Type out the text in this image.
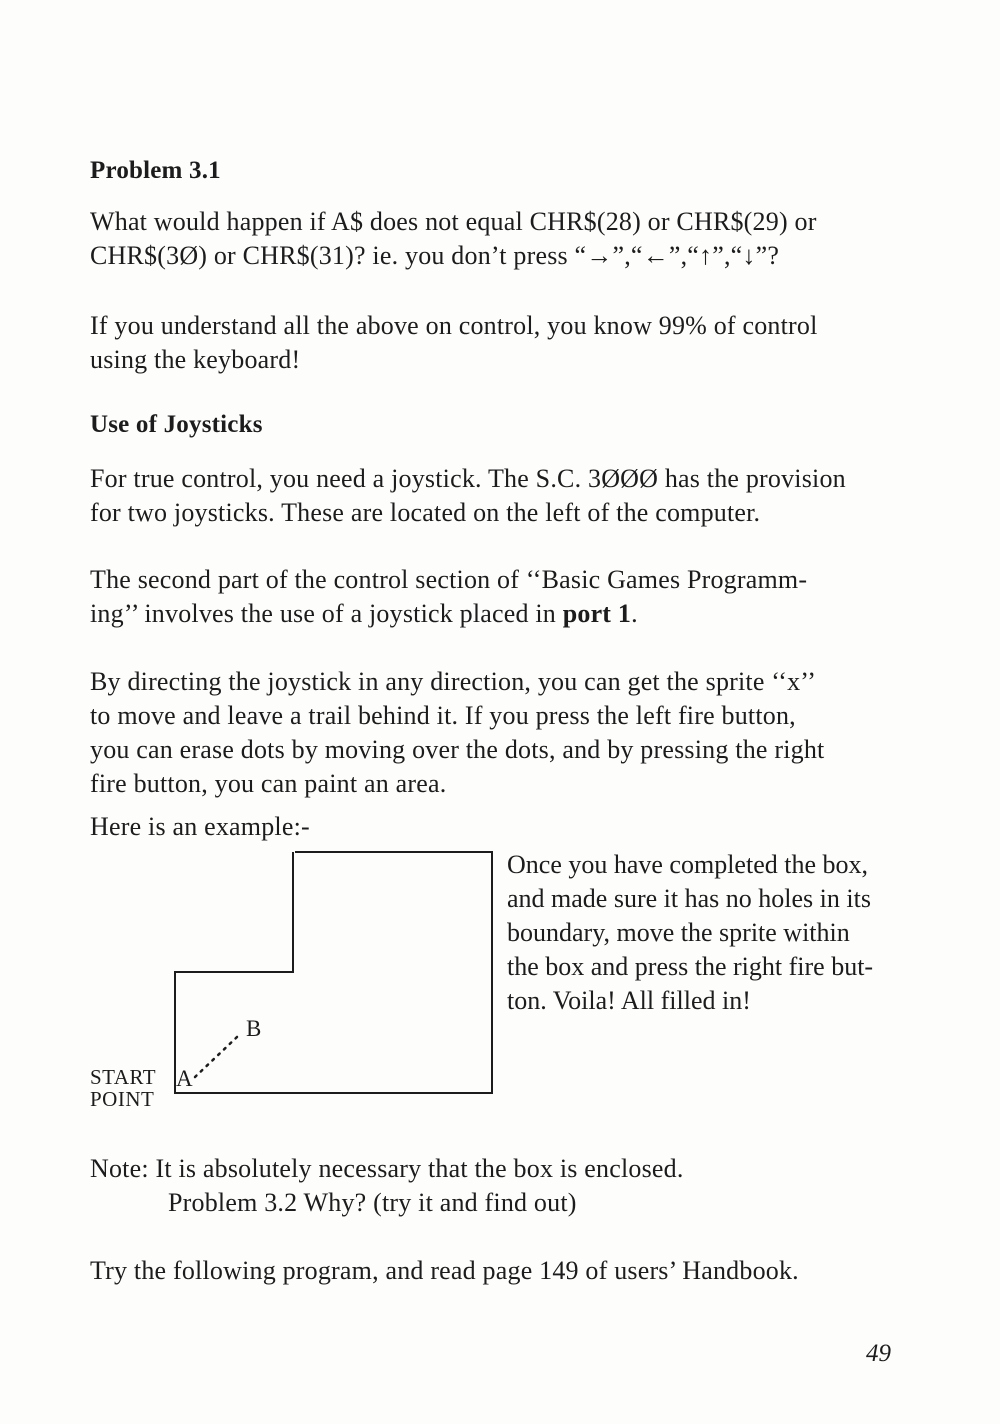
Problem 3.1

What would happen if A$ does not equal CHR$(28) or CHR$(29) or
CHR$(3Ø) or CHR$(31)? ie. you don’t press “→”,“←”,“↑”,“↓”?

If you understand all the above on control, you know 99% of control
using the keyboard!

Use of Joysticks

For true control, you need a joystick. The S.C. 3ØØØ has the provision
for two joysticks. These are located on the left of the computer.

The second part of the control section of ‘‘Basic Games Programm-
ing’’ involves the use of a joystick placed in port 1.

By directing the joystick in any direction, you can get the sprite ‘‘x’’
to move and leave a trail behind it. If you press the left fire button,
you can erase dots by moving over the dots, and by pressing the right
fire button, you can paint an area.

Here is an example:-

A
B
START
POINT
Once you have completed the box,
and made sure it has no holes in its
boundary, move the sprite within
the box and press the right fire but-
ton. Voila! All filled in!

Note: It is absolutely necessary that the box is enclosed.
Problem 3.2 Why? (try it and find out)

Try the following program, and read page 149 of users’ Handbook.

49
